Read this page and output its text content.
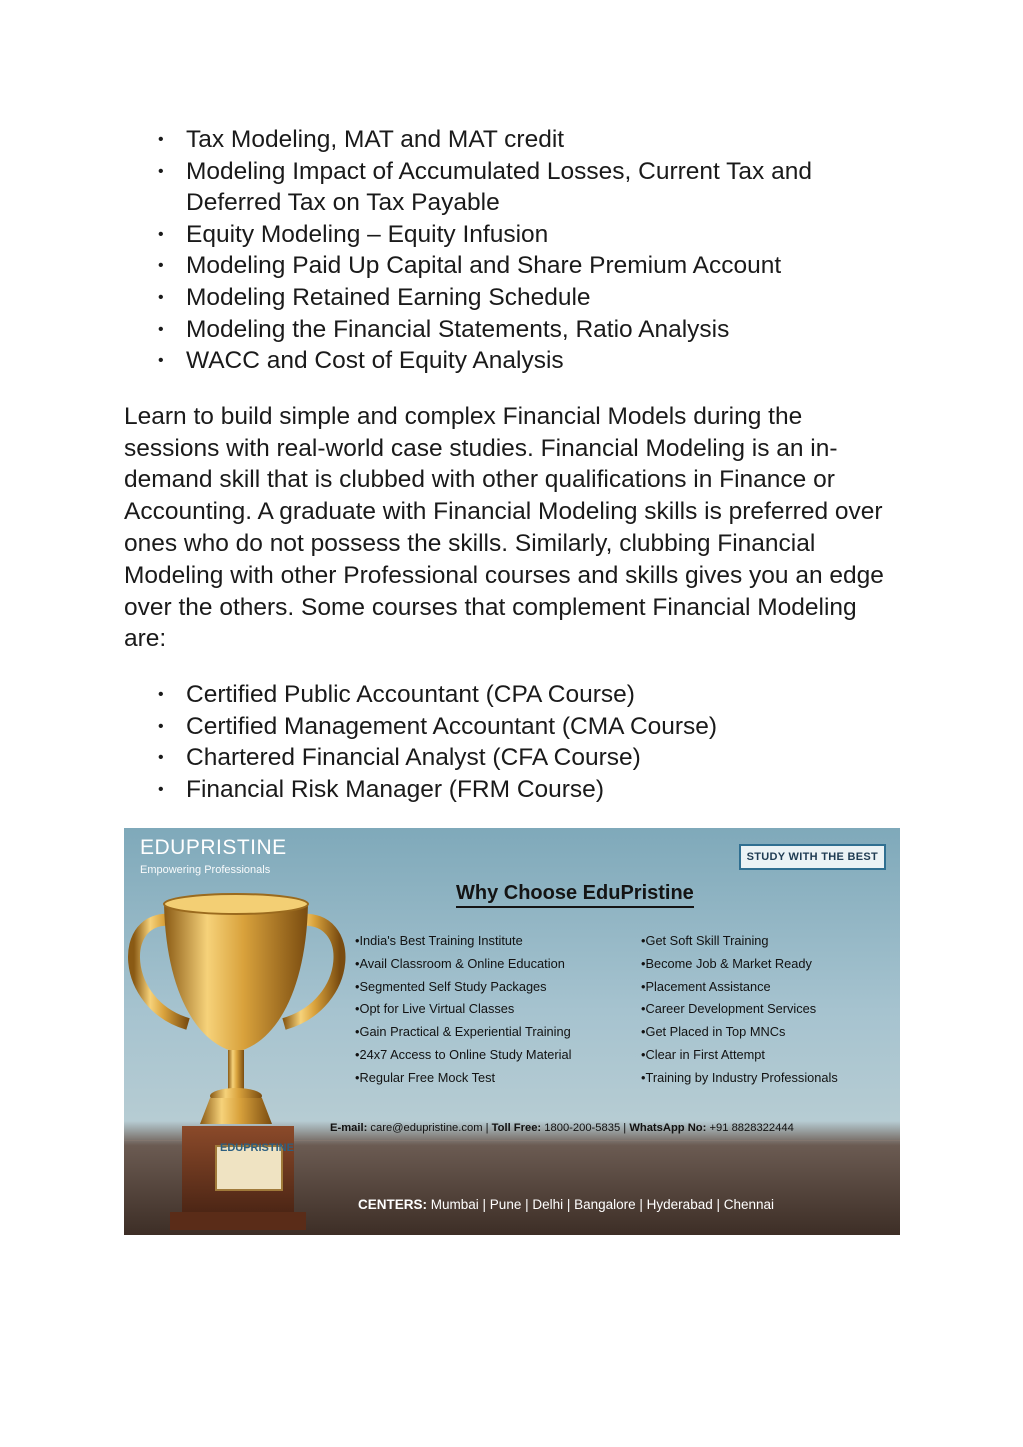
• Tax Modeling, MAT and MAT credit
• Modeling Impact of Accumulated Losses, Current Tax and Deferred Tax on Tax Payable
• Equity Modeling – Equity Infusion
• Modeling Paid Up Capital and Share Premium Account
• Modeling Retained Earning Schedule
• Modeling the Financial Statements, Ratio Analysis
• WACC and Cost of Equity Analysis

Learn to build simple and complex Financial Models during the sessions with real-world case studies. Financial Modeling is an in-demand skill that is clubbed with other qualifications in Finance or Accounting. A graduate with Financial Modeling skills is preferred over ones who do not possess the skills. Similarly, clubbing Financial Modeling with other Professional courses and skills gives you an edge over the others. Some courses that complement Financial Modeling are:

• Certified Public Accountant (CPA Course)
• Certified Management Accountant (CMA Course)
• Chartered Financial Analyst (CFA Course)
• Financial Risk Manager (FRM Course)
EDUPRISTINE
Empowering Professionals
STUDY WITH THE BEST
Why Choose EduPristine
• India's Best Training Institute
• Avail Classroom & Online Education
• Segmented Self Study Packages
• Opt for Live Virtual Classes
• Gain Practical & Experiential Training
• 24x7 Access to Online Study Material
• Regular Free Mock Test
• Get Soft Skill Training
• Become Job & Market Ready
• Placement Assistance
• Career Development Services
• Get Placed in Top MNCs
• Clear in First Attempt
• Training by Industry Professionals
E-mail: care@edupristine.com | Toll Free: 1800-200-5835 | WhatsApp No: +91 8828322444
CENTERS: Mumbai | Pune | Delhi | Bangalore | Hyderabad | Chennai
EDUPRISTINE
